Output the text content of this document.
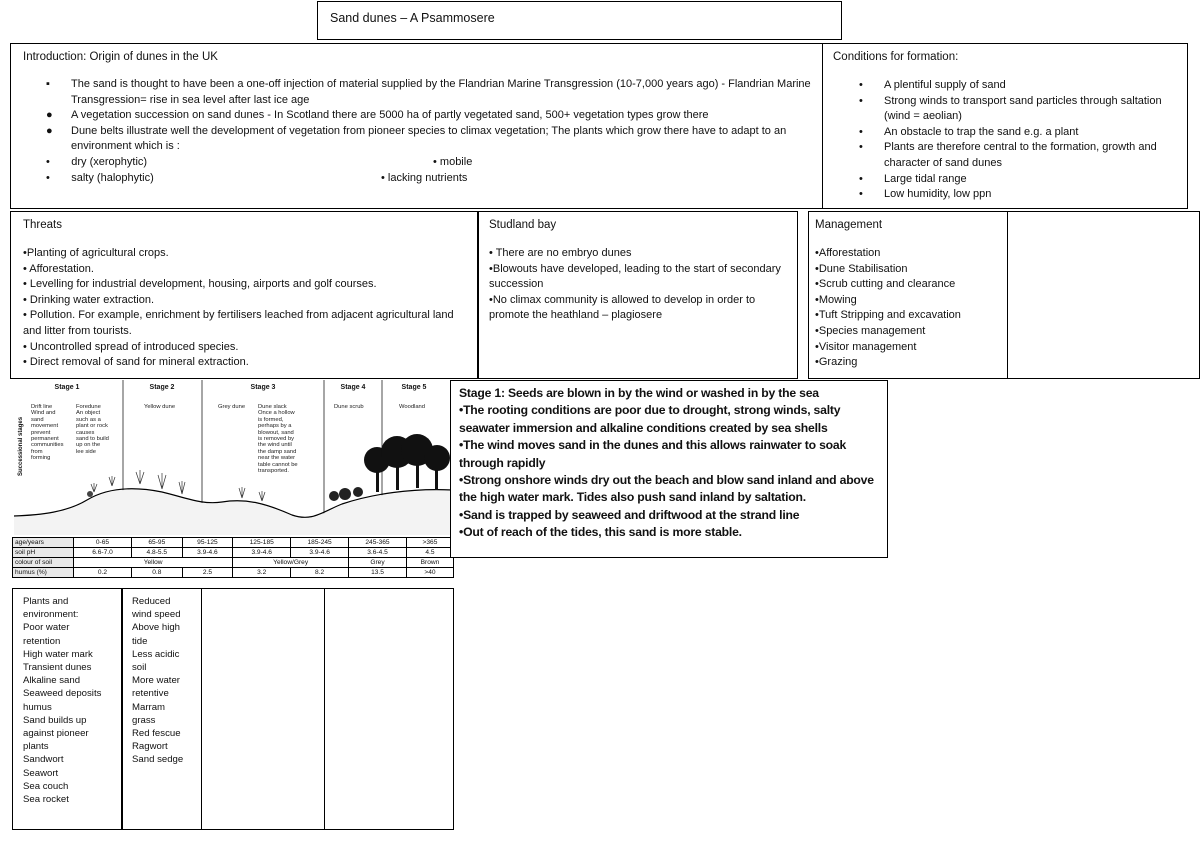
Sand dunes – A Psammosere
Introduction: Origin of dunes in the UK
▪ The sand is thought to have been a one-off injection of material supplied by the Flandrian Marine Transgression (10-7,000 years ago) - Flandrian Marine Transgression= rise in sea level after last ice age
● A vegetation succession on sand dunes - In Scotland there are 5000 ha of partly vegetated sand, 500+ vegetation types grow there
● Dune belts illustrate well the development of vegetation from pioneer species to climax vegetation; The plants which grow there have to adapt to an environment which is :
•       dry (xerophytic)
•       salty (halophytic)
• mobile
• lacking nutrients
Conditions for formation:
• A plentiful supply of sand
• Strong winds to transport sand particles through saltation (wind = aeolian)
• An obstacle to trap the sand e.g. a plant
• Plants are therefore central to the formation, growth and character of sand dunes
• Large tidal range
• Low humidity, low ppn
Threats
•Planting of agricultural crops.
• Afforestation.
• Levelling for industrial development, housing, airports and golf courses.
• Drinking water extraction.
• Pollution. For example, enrichment by fertilisers leached from adjacent agricultural land and litter from tourists.
• Uncontrolled spread of introduced species.
• Direct removal of sand for mineral extraction.
Studland bay
• There are no embryo dunes
•Blowouts have developed, leading to the start of secondary succession
•No climax community is allowed to develop in order to promote the heathland – plagiosere
Management
•Afforestation
•Dune Stabilisation
•Scrub cutting and clearance
•Mowing
•Tuft Stripping and excavation
•Species management
•Visitor management
•Grazing
Stage 1	Stage 2	Stage 3	Stage 4	Stage 5
Successional stages
Drift line
Wind and
sand
movement
prevent
permanent
communities
from
forming
Foredune
An object
such as a
plant or rock
causes
sand to build
up on the
lee side
Yellow dune	Grey dune	Dune slack
Once a hollow
is formed,
perhaps by a
blowout, sand
is removed by
the wind until
the damp sand
near the water
table cannot be
transported.
Dune scrub	Woodland
age/years	0-65	65-95	95-125	125-185	185-245	245-365	>365
soil pH	6.6-7.0	4.8-5.5	3.9-4.6	3.9-4.6	3.9-4.6	3.6-4.5	4.5
colour of soil	Yellow			Yellow/Grey		Grey	Brown
humus (%)	0.2	0.8	2.5	3.2	8.2	13.5	>40
Stage 1: Seeds are blown in by the wind or washed in by the sea
•The rooting conditions are poor due to drought, strong winds, salty seawater immersion and alkaline conditions created by sea shells
•The wind moves sand in the dunes and this allows rainwater to soak through rapidly
•Strong onshore winds dry out the beach and blow sand inland and above the high water mark. Tides also push sand inland by saltation.
•Sand is trapped by seaweed and driftwood at the strand line
•Out of reach of the tides, this sand is more stable.
Plants and
environment:
Poor water
retention
High water mark
Transient dunes
Alkaline sand
Seaweed deposits
humus
Sand builds up
against pioneer
plants
Sandwort
Seawort
Sea couch
Sea rocket
Reduced
wind speed
Above high
tide
Less acidic
soil
More water
retentive
Marram
grass
Red fescue
Ragwort
Sand sedge
